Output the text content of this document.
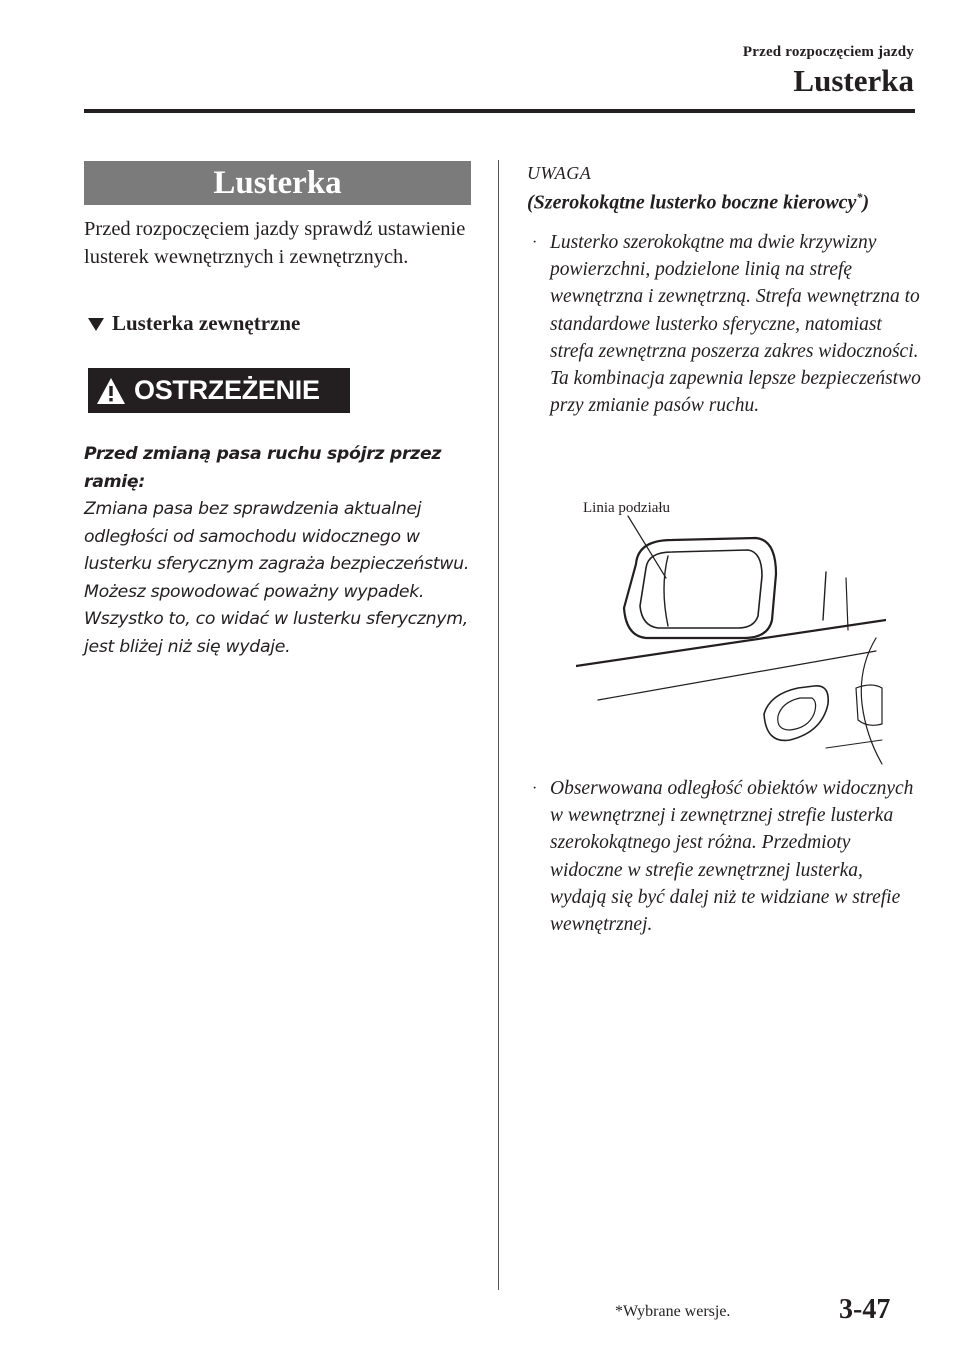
Przed rozpoczęciem jazdy
Lusterka
Lusterka
Przed rozpoczęciem jazdy sprawdź ustawienie lusterek wewnętrznych i zewnętrznych.
Lusterka zewnętrzne
OSTRZEŻENIE
Przed zmianą pasa ruchu spójrz przez ramię:
Zmiana pasa bez sprawdzenia aktualnej odległości od samochodu widocznego w lusterku sferycznym zagraża bezpieczeństwu. Możesz spowodować poważny wypadek. Wszystko to, co widać w lusterku sferycznym, jest bliżej niż się wydaje.
UWAGA
(Szerokokątne lusterko boczne kierowcy*)
· Lusterko szerokokątne ma dwie krzywizny powierzchni, podzielone linią na strefę wewnętrzna i zewnętrzną. Strefa wewnętrzna to standardowe lusterko sferyczne, natomiast strefa zewnętrzna poszerza zakres widoczności. Ta kombinacja zapewnia lepsze bezpieczeństwo przy zmianie pasów ruchu.
Linia podziału
· Obserwowana odległość obiektów widocznych w wewnętrznej i zewnętrznej strefie lusterka szerokokątnego jest różna. Przedmioty widoczne w strefie zewnętrznej lusterka, wydają się być dalej niż te widziane w strefie wewnętrznej.
*Wybrane wersje.	3-47
